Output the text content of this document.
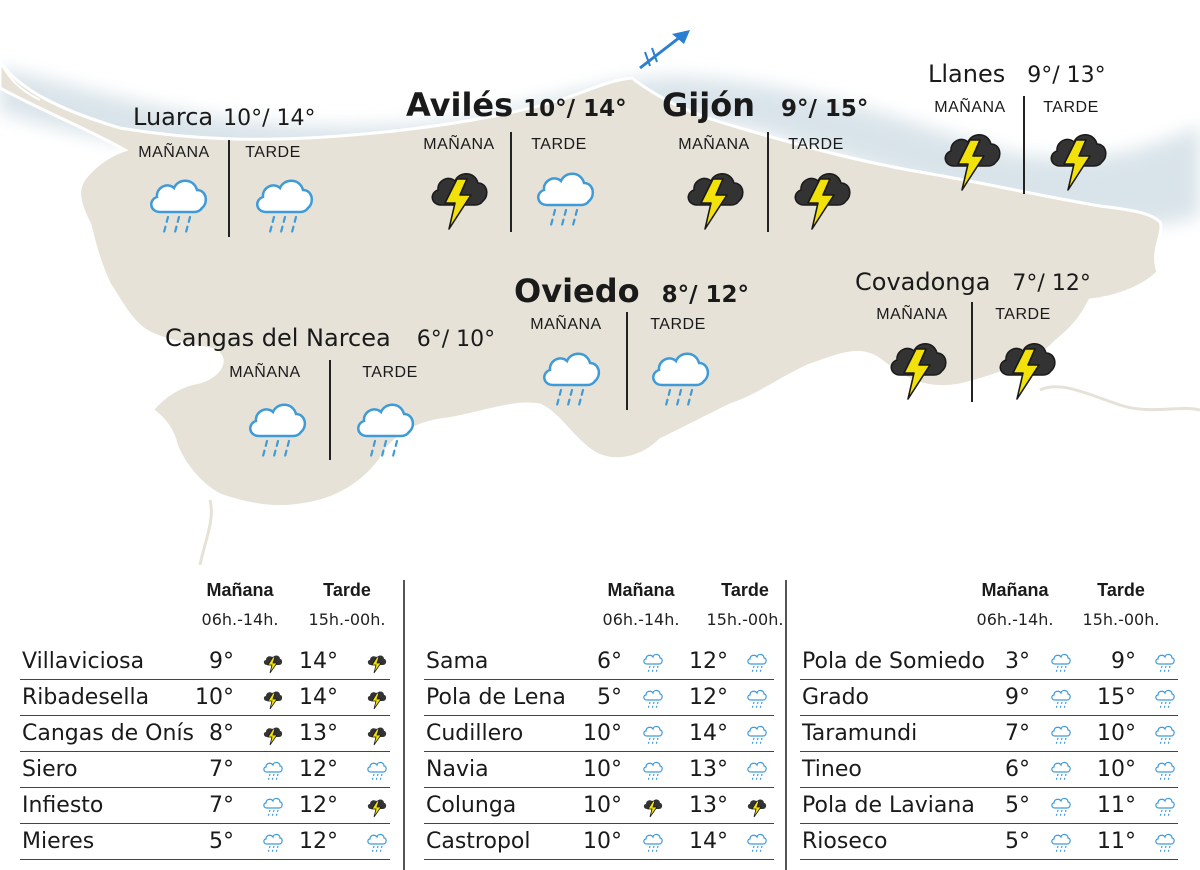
Luarca 10°/ 14°
MAÑANA	TARDE
Avilés 10°/ 14°
MAÑANA	TARDE
Gijón 9°/ 15°
MAÑANA	TARDE
Llanes 9°/ 13°
MAÑANA	TARDE
Oviedo 8°/ 12°
MAÑANA	TARDE
Covadonga 7°/ 12°
MAÑANA	TARDE
Cangas del Narcea 6°/ 10°
MAÑANA	TARDE
Mañana	Tarde
06h.-14h.	15h.-00h.
Villaviciosa	9°	14°
Ribadesella	10°	14°
Cangas de Onís 8°	13°
Siero	7°	12°
Infiesto	7°	12°
Mieres	5°	12°
Mañana	Tarde
06h.-14h.	15h.-00h.
Sama	6°	12°
Pola de Lena	5°	12°
Cudillero	10°	14°
Navia	10°	13°
Colunga	10°	13°
Castropol	10°	14°
Mañana	Tarde
06h.-14h.	15h.-00h.
Pola de Somiedo 3°	9°
Grado	9°	15°
Taramundi	7°	10°
Tineo	6°	10°
Pola de Laviana	5°	11°
Rioseco	5°	11°
